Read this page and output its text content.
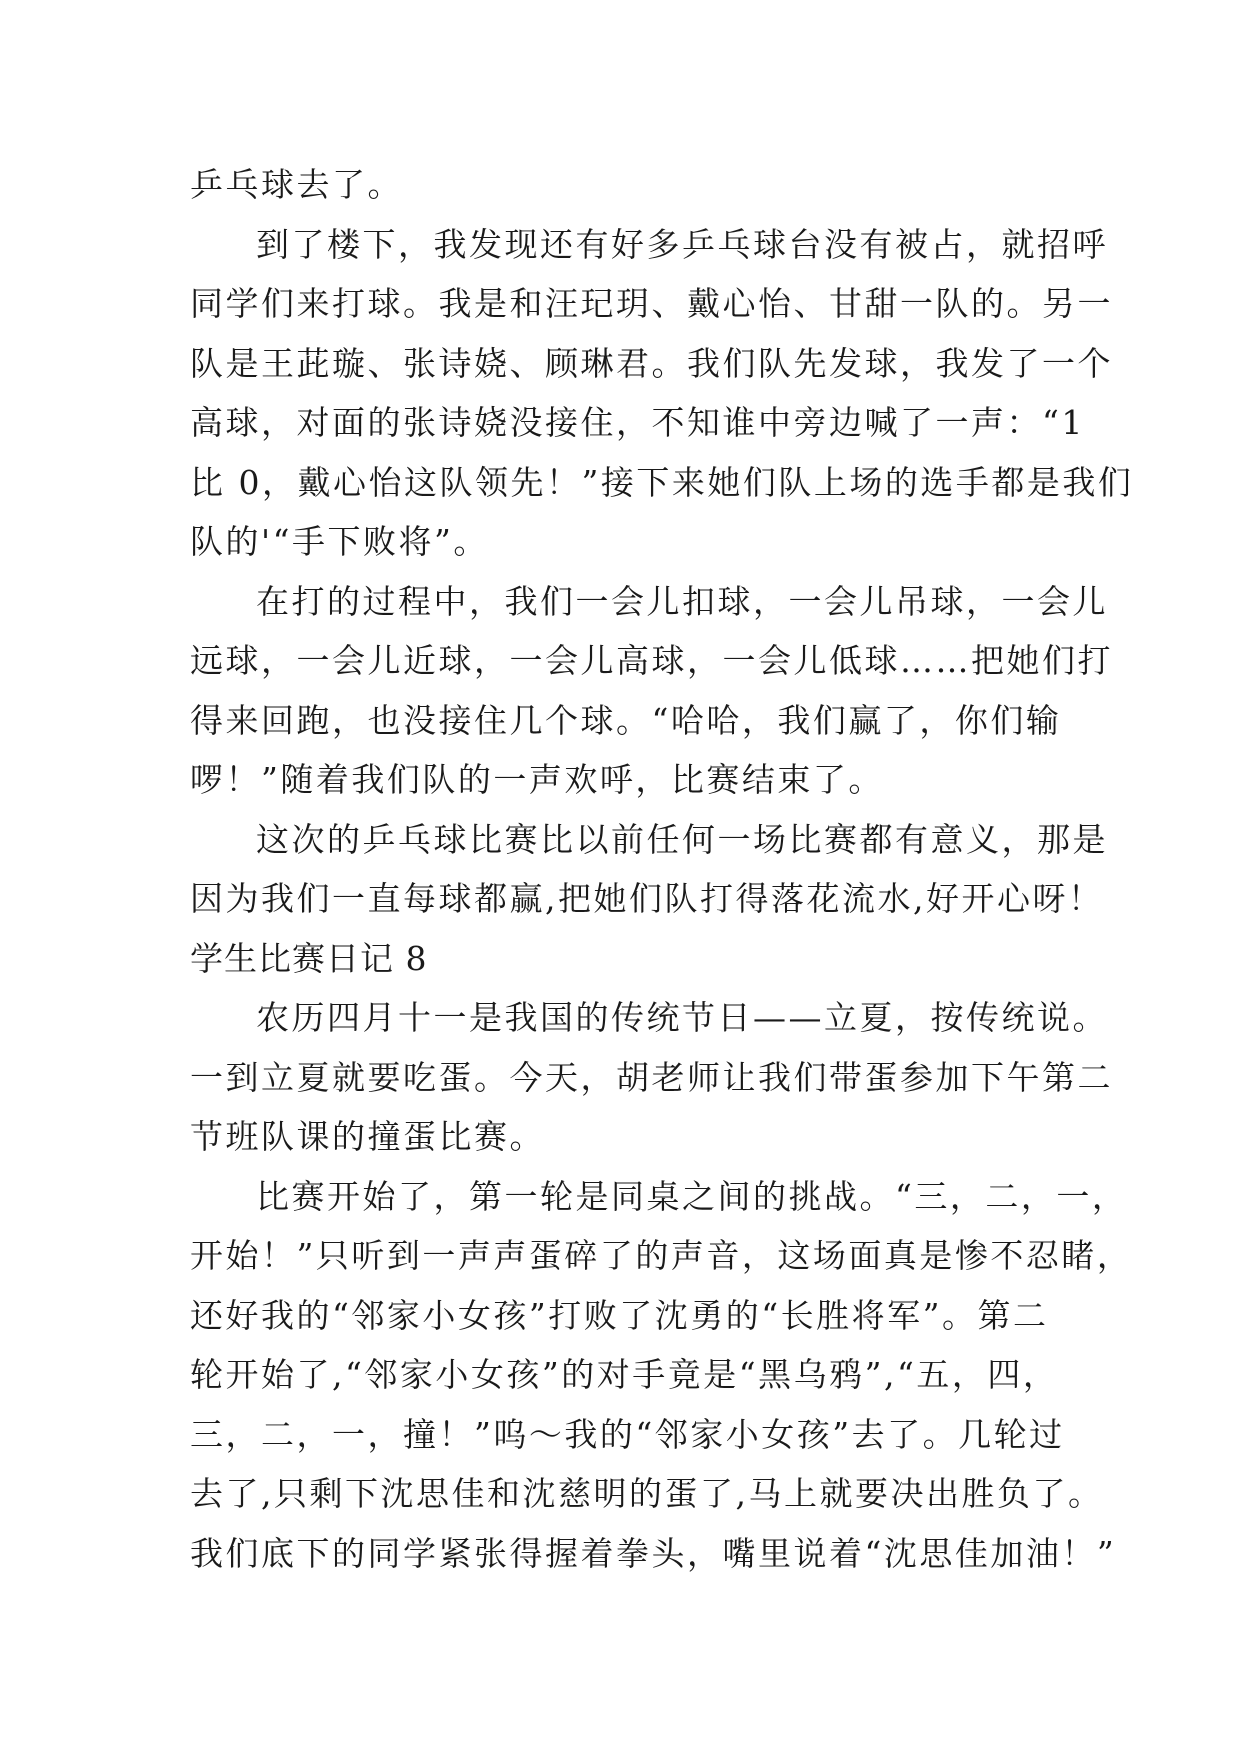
乒乓球去了。
到了楼下，我发现还有好多乒乓球台没有被占，就招呼
同学们来打球。我是和汪玘玥、戴心怡、甘甜一队的。另一
队是王茈璇、张诗娆、顾琳君。我们队先发球，我发了一个
高球，对面的张诗娆没接住，不知谁中旁边喊了一声：“1
比 0，戴心怡这队领先！”接下来她们队上场的选手都是我们
队的'“手下败将”。
在打的过程中，我们一会儿扣球，一会儿吊球，一会儿
远球，一会儿近球，一会儿高球，一会儿低球……把她们打
得来回跑，也没接住几个球。“哈哈，我们赢了，你们输
啰！”随着我们队的一声欢呼，比赛结束了。
这次的乒乓球比赛比以前任何一场比赛都有意义，那是
因为我们一直每球都赢,把她们队打得落花流水,好开心呀！
学生比赛日记 8
农历四月十一是我国的传统节日——立夏，按传统说。
一到立夏就要吃蛋。今天，胡老师让我们带蛋参加下午第二
节班队课的撞蛋比赛。
比赛开始了，第一轮是同桌之间的挑战。“三，二，一，
开始！”只听到一声声蛋碎了的声音，这场面真是惨不忍睹，
还好我的“邻家小女孩”打败了沈勇的“长胜将军”。第二
轮开始了,“邻家小女孩”的对手竟是“黑乌鸦”,“五，四，
三，二，一，撞！”呜～我的“邻家小女孩”去了。几轮过
去了,只剩下沈思佳和沈慈明的蛋了,马上就要决出胜负了。
我们底下的同学紧张得握着拳头，嘴里说着“沈思佳加油！”
